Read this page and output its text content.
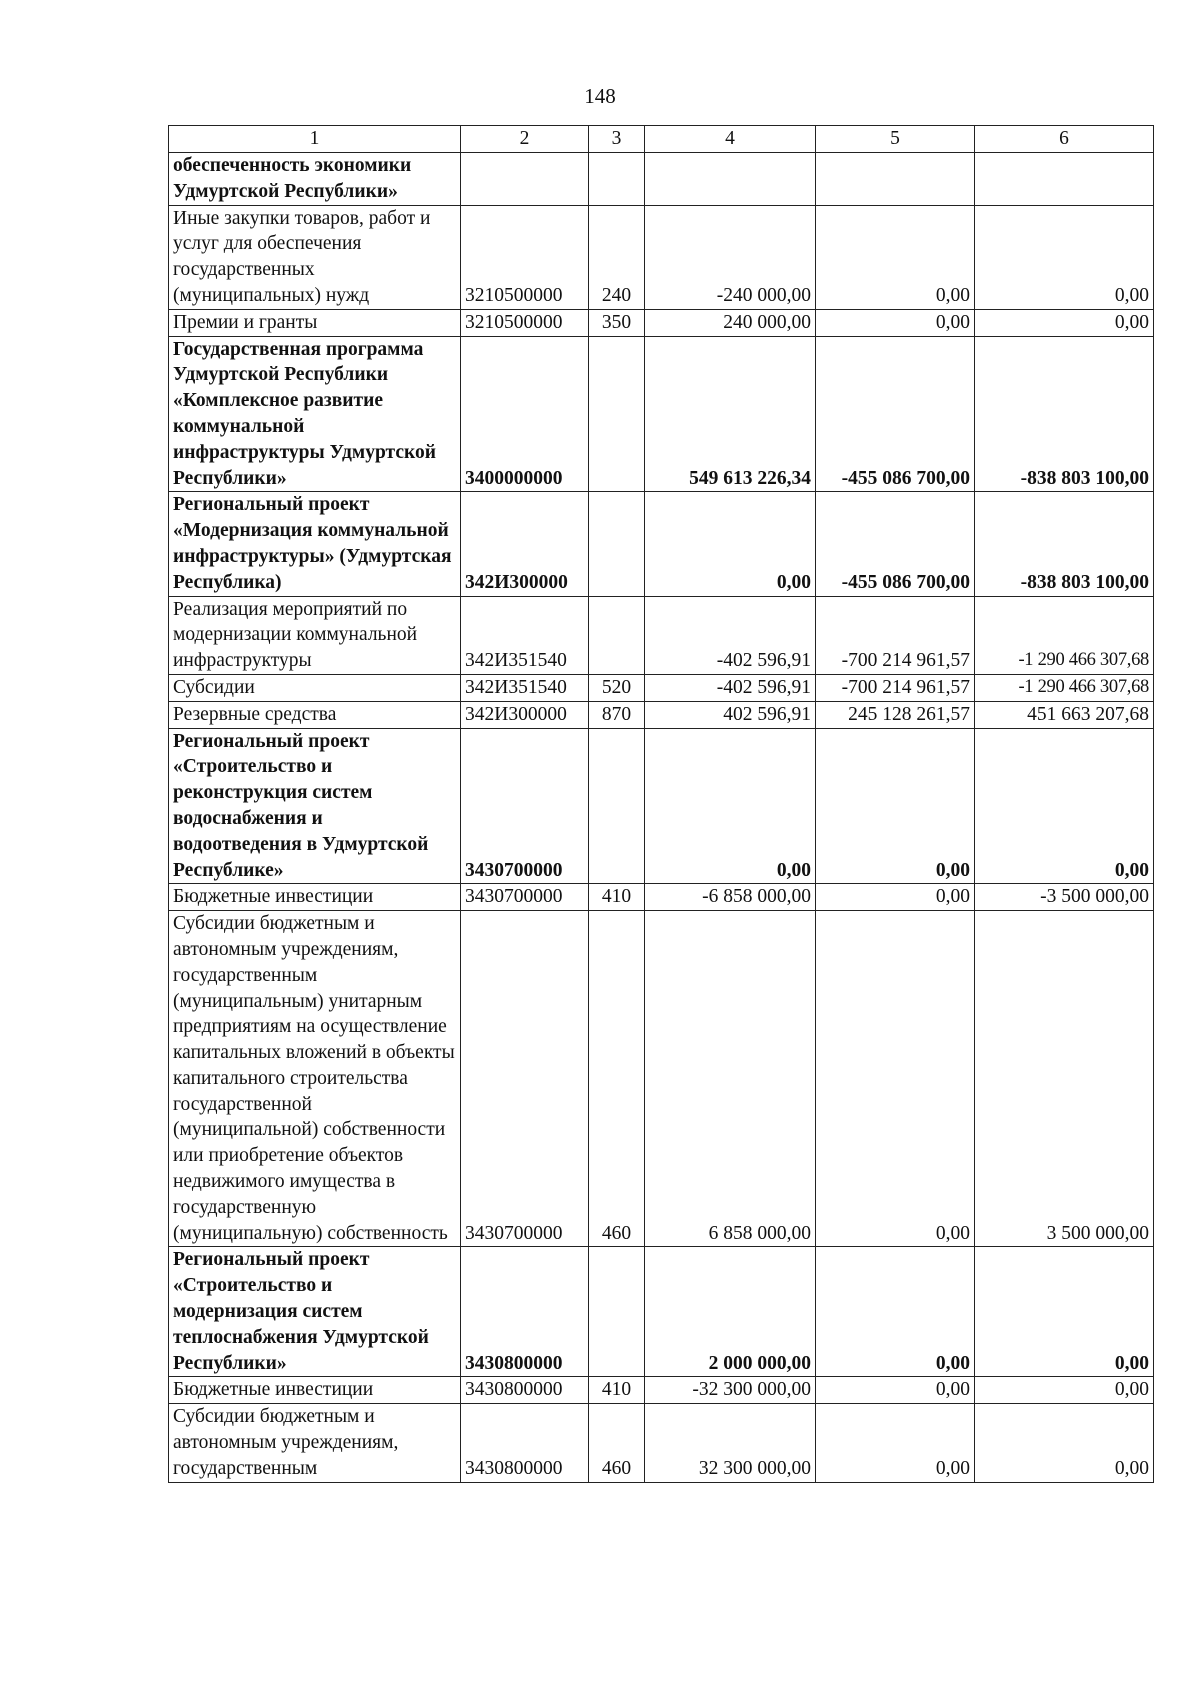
148
1	2	3	4	5	6
обеспеченность экономики Удмуртской Республики»					
Иные закупки товаров, работ и услуг для обеспечения государственных (муниципальных) нужд	3210500000	240	-240 000,00	0,00	0,00
Премии и гранты	3210500000	350	240 000,00	0,00	0,00
Государственная программа Удмуртской Республики «Комплексное развитие коммунальной инфраструктуры Удмуртской Республики»	3400000000		549 613 226,34	-455 086 700,00	-838 803 100,00
Региональный проект «Модернизация коммунальной инфраструктуры» (Удмуртская Республика)	342И300000		0,00	-455 086 700,00	-838 803 100,00
Реализация мероприятий по модернизации коммунальной инфраструктуры	342И351540		-402 596,91	-700 214 961,57	-1 290 466 307,68
Субсидии	342И351540	520	-402 596,91	-700 214 961,57	-1 290 466 307,68
Резервные средства	342И300000	870	402 596,91	245 128 261,57	451 663 207,68
Региональный проект «Строительство и реконструкция систем водоснабжения и водоотведения в Удмуртской Республике»	3430700000		0,00	0,00	0,00
Бюджетные инвестиции	3430700000	410	-6 858 000,00	0,00	-3 500 000,00
Субсидии бюджетным и автономным учреждениям, государственным (муниципальным) унитарным предприятиям на осуществление капитальных вложений в объекты капитального строительства государственной (муниципальной) собственности или приобретение объектов недвижимого имущества в государственную (муниципальную) собственность	3430700000	460	6 858 000,00	0,00	3 500 000,00
Региональный проект «Строительство и модернизация систем теплоснабжения Удмуртской Республики»	3430800000		2 000 000,00	0,00	0,00
Бюджетные инвестиции	3430800000	410	-32 300 000,00	0,00	0,00
Субсидии бюджетным и автономным учреждениям, государственным	3430800000	460	32 300 000,00	0,00	0,00
